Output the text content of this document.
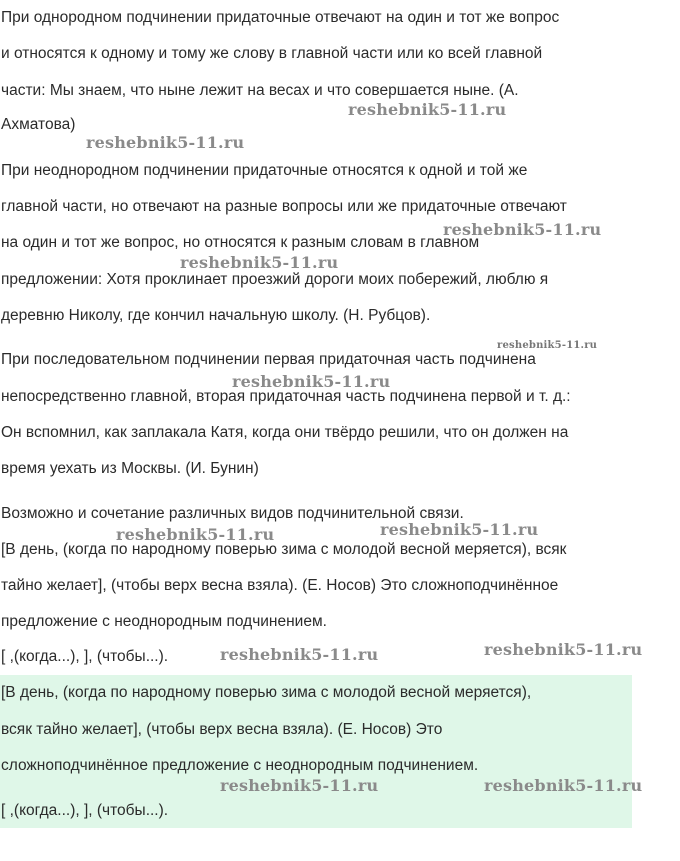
При однородном подчинении придаточные отвечают на один и тот же вопрос
и относятся к одному и тому же слову в главной части или ко всей главной
части: Мы знаем, что ныне лежит на весах и что совершается ныне. (А.
Ахматова)
При неоднородном подчинении придаточные относятся к одной и той же
главной части, но отвечают на разные вопросы или же придаточные отвечают
на один и тот же вопрос, но относятся к разным словам в главном
предложении: Хотя проклинает проезжий дороги моих побережий, люблю я
деревню Николу, где кончил начальную школу. (Н. Рубцов).
При последовательном подчинении первая придаточная часть подчинена
непосредственно главной, вторая придаточная часть подчинена первой и т. д.:
Он вспомнил, как заплакала Катя, когда они твёрдо решили, что он должен на
время уехать из Москвы. (И. Бунин)
Возможно и сочетание различных видов подчинительной связи.
[В день, (когда по народному поверью зима с молодой весной меряется), всяк
тайно желает], (чтобы верх весна взяла). (Е. Носов) Это сложноподчинённое
предложение с неоднородным подчинением.
[ ,(когда...), ], (чтобы...).
[В день, (когда по народному поверью зима с молодой весной меряется),
всяк тайно желает], (чтобы верх весна взяла). (Е. Носов) Это
сложноподчинённое предложение с неоднородным подчинением.
[ ,(когда...), ], (чтобы...).
reshebnik5-11.ru
reshebnik5-11.ru
reshebnik5-11.ru
reshebnik5-11.ru
reshebnik5-11.ru
reshebnik5-11.ru
reshebnik5-11.ru
reshebnik5-11.ru
reshebnik5-11.ru	reshebnik5-11.ru
reshebnik5-11.ru	reshebnik5-11.ru
